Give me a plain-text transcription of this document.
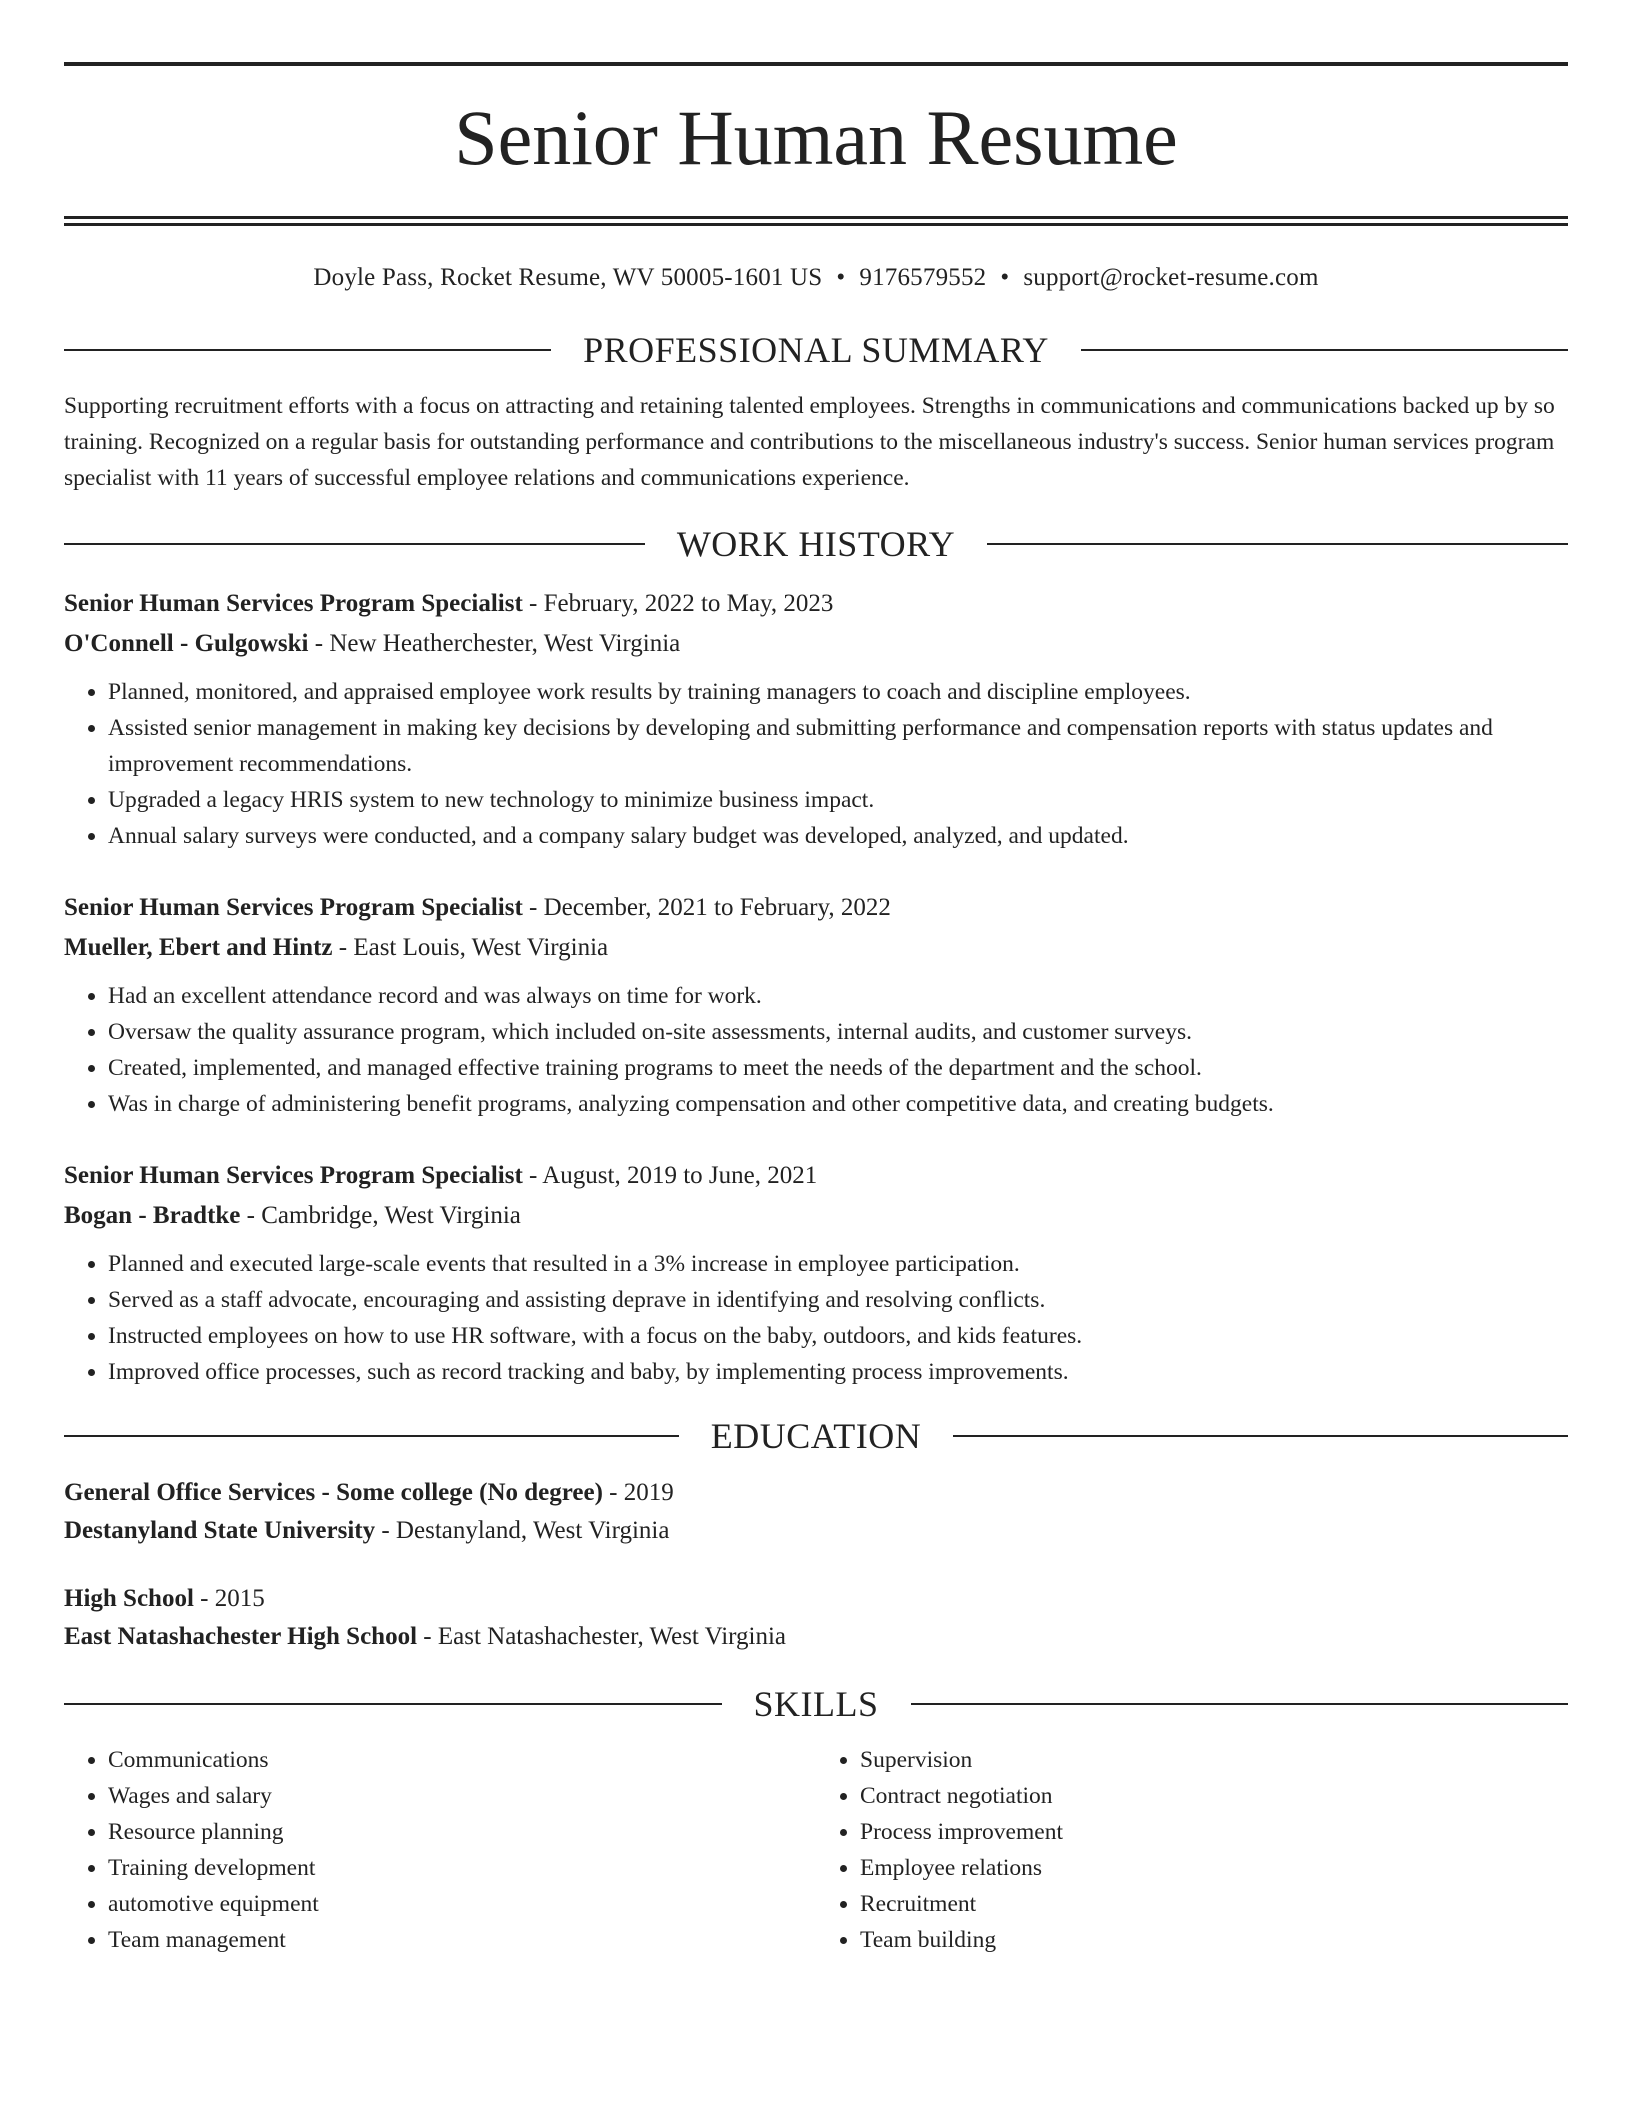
Senior Human Resume
Doyle Pass, Rocket Resume, WV 50005-1601 US • 9176579552 • support@rocket-resume.com
PROFESSIONAL SUMMARY

Supporting recruitment efforts with a focus on attracting and retaining talented employees. Strengths in communications and communications backed up by so training. Recognized on a regular basis for outstanding performance and contributions to the miscellaneous industry's success. Senior human services program specialist with 11 years of successful employee relations and communications experience.

WORK HISTORY
Senior Human Services Program Specialist - February, 2022 to May, 2023
O'Connell - Gulgowski - New Heatherchester, West Virginia
• Planned, monitored, and appraised employee work results by training managers to coach and discipline employees.
• Assisted senior management in making key decisions by developing and submitting performance and compensation reports with status updates and improvement recommendations.
• Upgraded a legacy HRIS system to new technology to minimize business impact.
• Annual salary surveys were conducted, and a company salary budget was developed, analyzed, and updated.
Senior Human Services Program Specialist - December, 2021 to February, 2022
Mueller, Ebert and Hintz - East Louis, West Virginia
• Had an excellent attendance record and was always on time for work.
• Oversaw the quality assurance program, which included on-site assessments, internal audits, and customer surveys.
• Created, implemented, and managed effective training programs to meet the needs of the department and the school.
• Was in charge of administering benefit programs, analyzing compensation and other competitive data, and creating budgets.
Senior Human Services Program Specialist - August, 2019 to June, 2021
Bogan - Bradtke - Cambridge, West Virginia
• Planned and executed large-scale events that resulted in a 3% increase in employee participation.
• Served as a staff advocate, encouraging and assisting deprave in identifying and resolving conflicts.
• Instructed employees on how to use HR software, with a focus on the baby, outdoors, and kids features.
• Improved office processes, such as record tracking and baby, by implementing process improvements.
EDUCATION
General Office Services - Some college (No degree) - 2019
Destanyland State University - Destanyland, West Virginia
High School - 2015
East Natashachester High School - East Natashachester, West Virginia
SKILLS
• Communications
• Wages and salary
• Resource planning
• Training development
• automotive equipment
• Team management
• Supervision
• Contract negotiation
• Process improvement
• Employee relations
• Recruitment
• Team building
